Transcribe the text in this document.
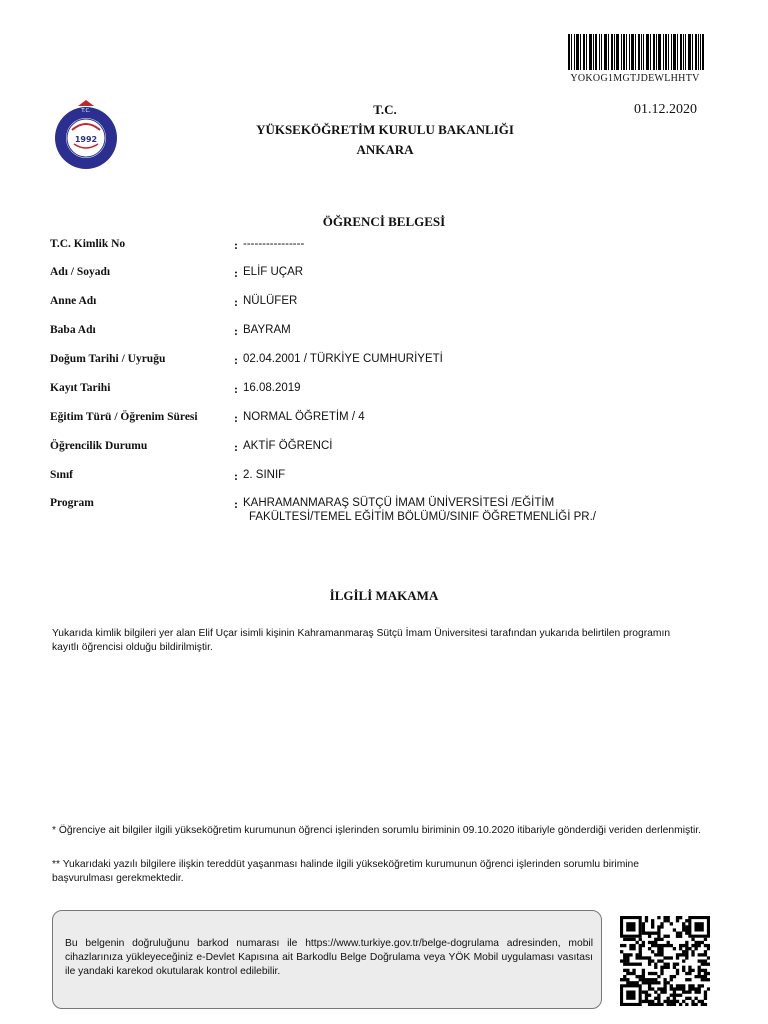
YOKOG1MGTJDEWLHHTV
01.12.2020
1992
T.C.	T.C.
YÜKSEKÖĞRETİM KURULU BAKANLIĞI
ANKARA
ÖĞRENCİ BELGESİ
T.C. Kimlik No	: ----------------
Adı / Soyadı	: ELİF UÇAR
Anne Adı	: NÜLÜFER
Baba Adı	: BAYRAM
Doğum Tarihi / Uyruğu	: 02.04.2001 / TÜRKİYE CUMHURİYETİ
Kayıt Tarihi	: 16.08.2019
Eğitim Türü / Öğrenim Süresi	: NORMAL ÖĞRETİM / 4
Öğrencilik Durumu	: AKTİF ÖĞRENCİ
Sınıf	: 2. SINIF
Program	: KAHRAMANMARAŞ SÜTÇÜ İMAM ÜNİVERSİTESİ /EĞİTİM
FAKÜLTESİ/TEMEL EĞİTİM BÖLÜMÜ/SINIF ÖĞRETMENLİĞİ PR./
İLGİLİ MAKAMA
Yukarıda kimlik bilgileri yer alan Elif Uçar isimli kişinin Kahramanmaraş Sütçü İmam Üniversitesi tarafından yukarıda belirtilen programın kayıtlı öğrencisi olduğu bildirilmiştir.
* Öğrenciye ait bilgiler ilgili yükseköğretim kurumunun öğrenci işlerinden sorumlu biriminin 09.10.2020 itibariyle gönderdiği veriden derlenmiştir.
** Yukarıdaki yazılı bilgilere ilişkin tereddüt yaşanması halinde ilgili yükseköğretim kurumunun öğrenci işlerinden sorumlu birimine başvurulması gerekmektedir.
Bu belgenin doğruluğunu barkod numarası ile https://www.turkiye.gov.tr/belge-dogrulama adresinden, mobil cihazlarınıza yükleyeceğiniz e-Devlet Kapısına ait Barkodlu Belge Doğrulama veya YÖK Mobil uygulaması vasıtası ile yandaki karekod okutularak kontrol edilebilir.
